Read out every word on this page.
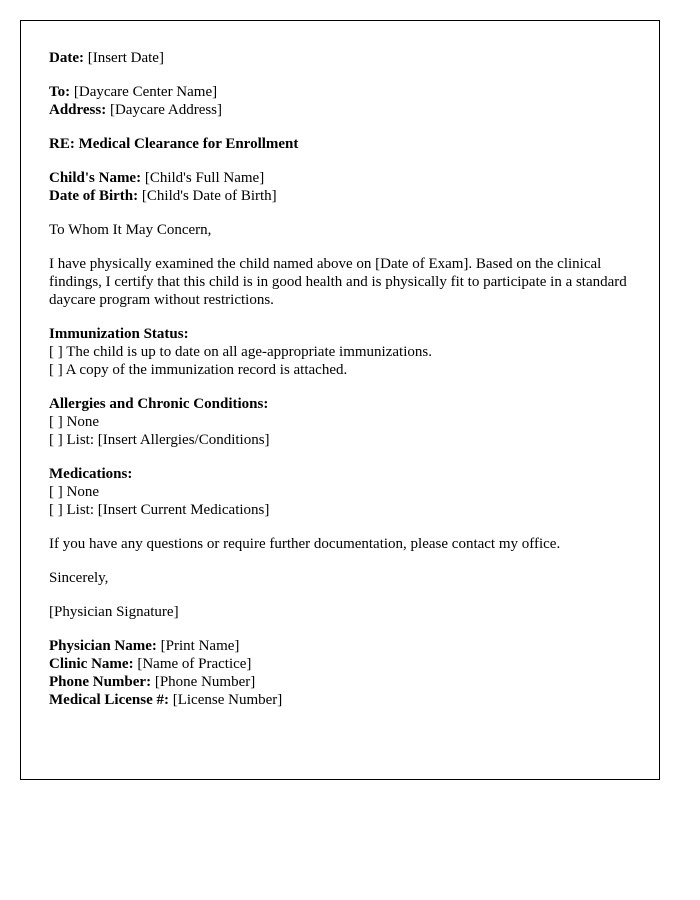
Date: [Insert Date]

To: [Daycare Center Name]
Address: [Daycare Address]

RE: Medical Clearance for Enrollment

Child's Name: [Child's Full Name]
Date of Birth: [Child's Date of Birth]

To Whom It May Concern,

I have physically examined the child named above on [Date of Exam]. Based on the clinical findings, I certify that this child is in good health and is physically fit to participate in a standard daycare program without restrictions.

Immunization Status:
[ ] The child is up to date on all age-appropriate immunizations.
[ ] A copy of the immunization record is attached.

Allergies and Chronic Conditions:
[ ] None
[ ] List: [Insert Allergies/Conditions]

Medications:
[ ] None
[ ] List: [Insert Current Medications]

If you have any questions or require further documentation, please contact my office.

Sincerely,

[Physician Signature]

Physician Name: [Print Name]
Clinic Name: [Name of Practice]
Phone Number: [Phone Number]
Medical License #: [License Number]
